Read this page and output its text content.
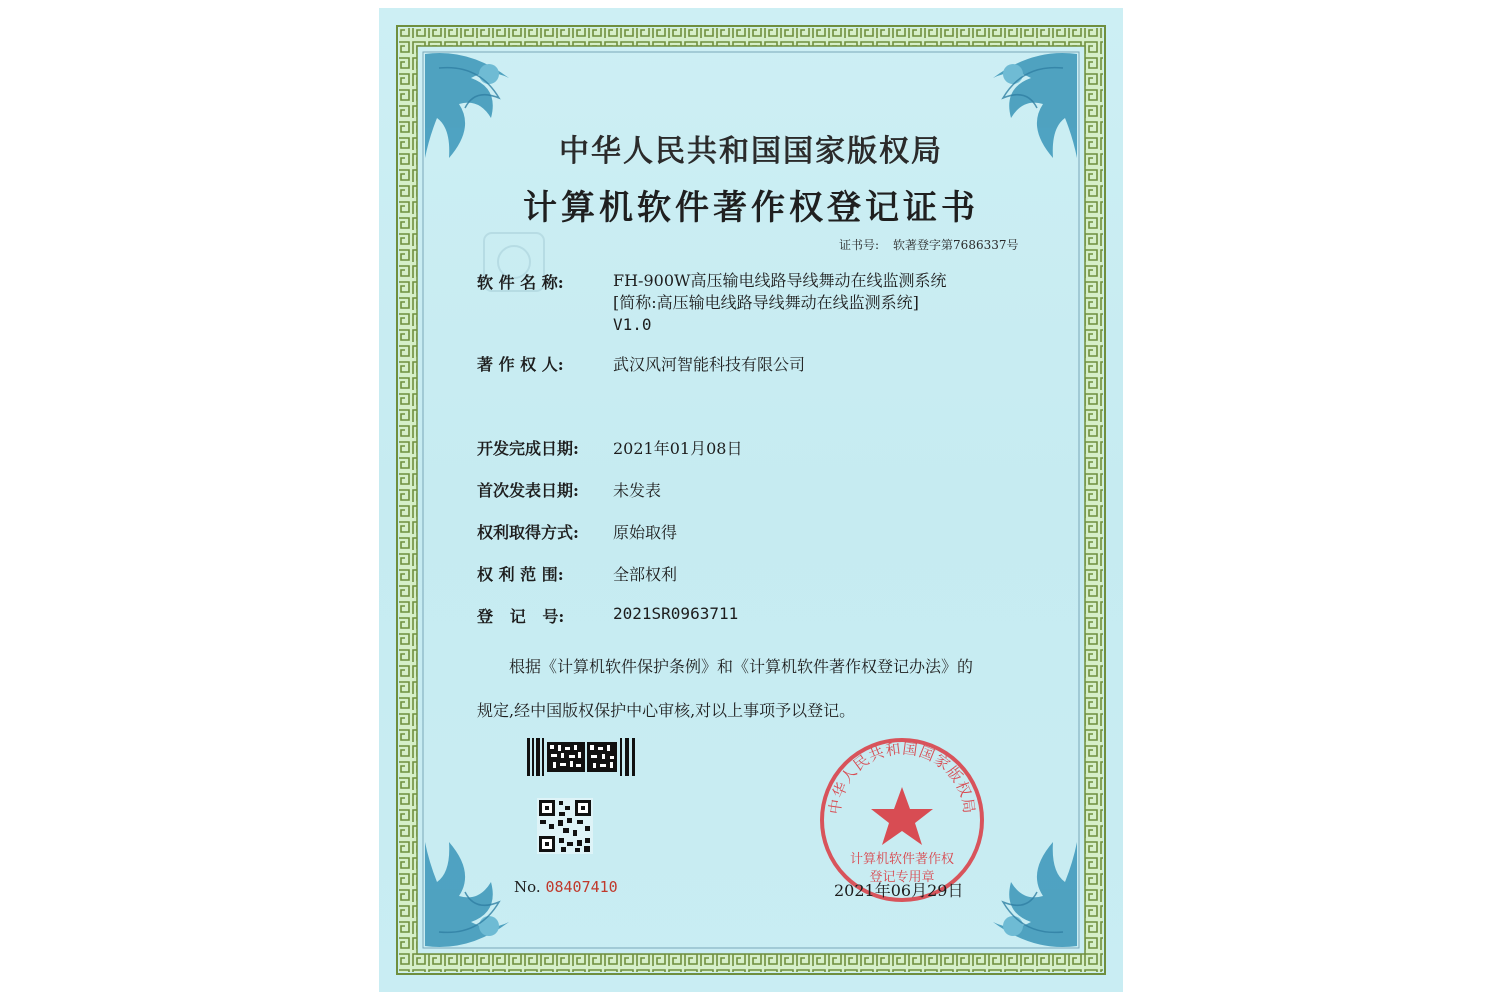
中华人民共和国国家版权局
计算机软件著作权登记证书
证书号: 软著登字第7686337号
软 件 名 称:	FH-900W高压输电线路导线舞动在线监测系统
[简称:高压输电线路导线舞动在线监测系统]
V1.0
著 作 权 人:	武汉风河智能科技有限公司
开发完成日期: 2021年01月08日
首次发表日期: 未发表
权利取得方式: 原始取得
权 利 范 围:	全部权利
登   记   号:	2021SR0963711
根据《计算机软件保护条例》和《计算机软件著作权登记办法》的
规定,经中国版权保护中心审核,对以上事项予以登记。
中华人民共和国国家版权局
计算机软件著作权
登记专用章
No. 08407410	2021年06月29日
